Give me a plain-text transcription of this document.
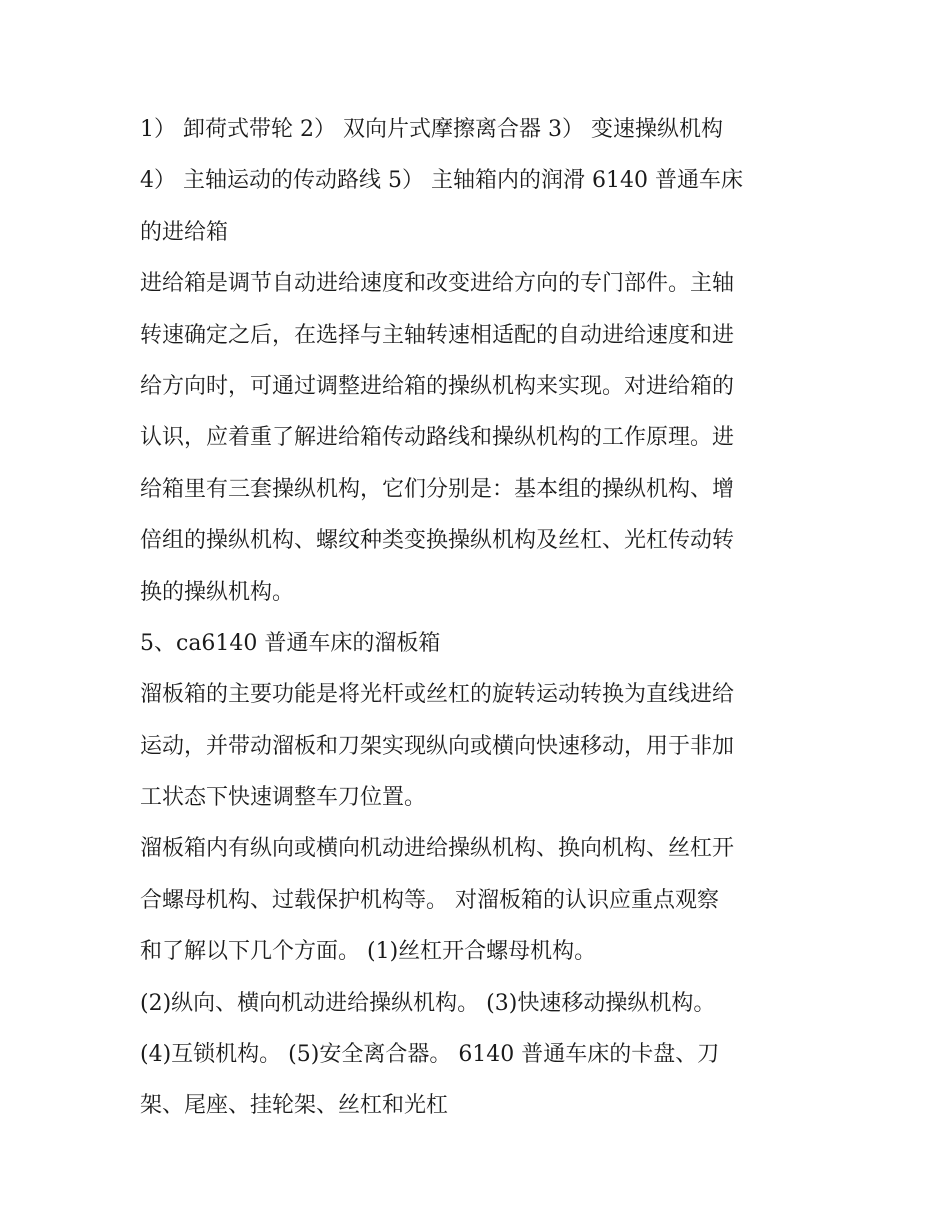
1） 卸荷式带轮 2） 双向片式摩擦离合器 3） 变速操纵机构
4） 主轴运动的传动路线 5） 主轴箱内的润滑 6140 普通车床
的进给箱
进给箱是调节自动进给速度和改变进给方向的专门部件。主轴
转速确定之后，在选择与主轴转速相适配的自动进给速度和进
给方向时，可通过调整进给箱的操纵机构来实现。对进给箱的
认识，应着重了解进给箱传动路线和操纵机构的工作原理。进
给箱里有三套操纵机构，它们分别是：基本组的操纵机构、增
倍组的操纵机构、螺纹种类变换操纵机构及丝杠、光杠传动转
换的操纵机构。
5、ca6140 普通车床的溜板箱
溜板箱的主要功能是将光杆或丝杠的旋转运动转换为直线进给
运动，并带动溜板和刀架实现纵向或横向快速移动，用于非加
工状态下快速调整车刀位置。
溜板箱内有纵向或横向机动进给操纵机构、换向机构、丝杠开
合螺母机构、过载保护机构等。 对溜板箱的认识应重点观察
和了解以下几个方面。 (1)丝杠开合螺母机构。
(2)纵向、横向机动进给操纵机构。 (3)快速移动操纵机构。
(4)互锁机构。 (5)安全离合器。 6140 普通车床的卡盘、刀
架、尾座、挂轮架、丝杠和光杠
